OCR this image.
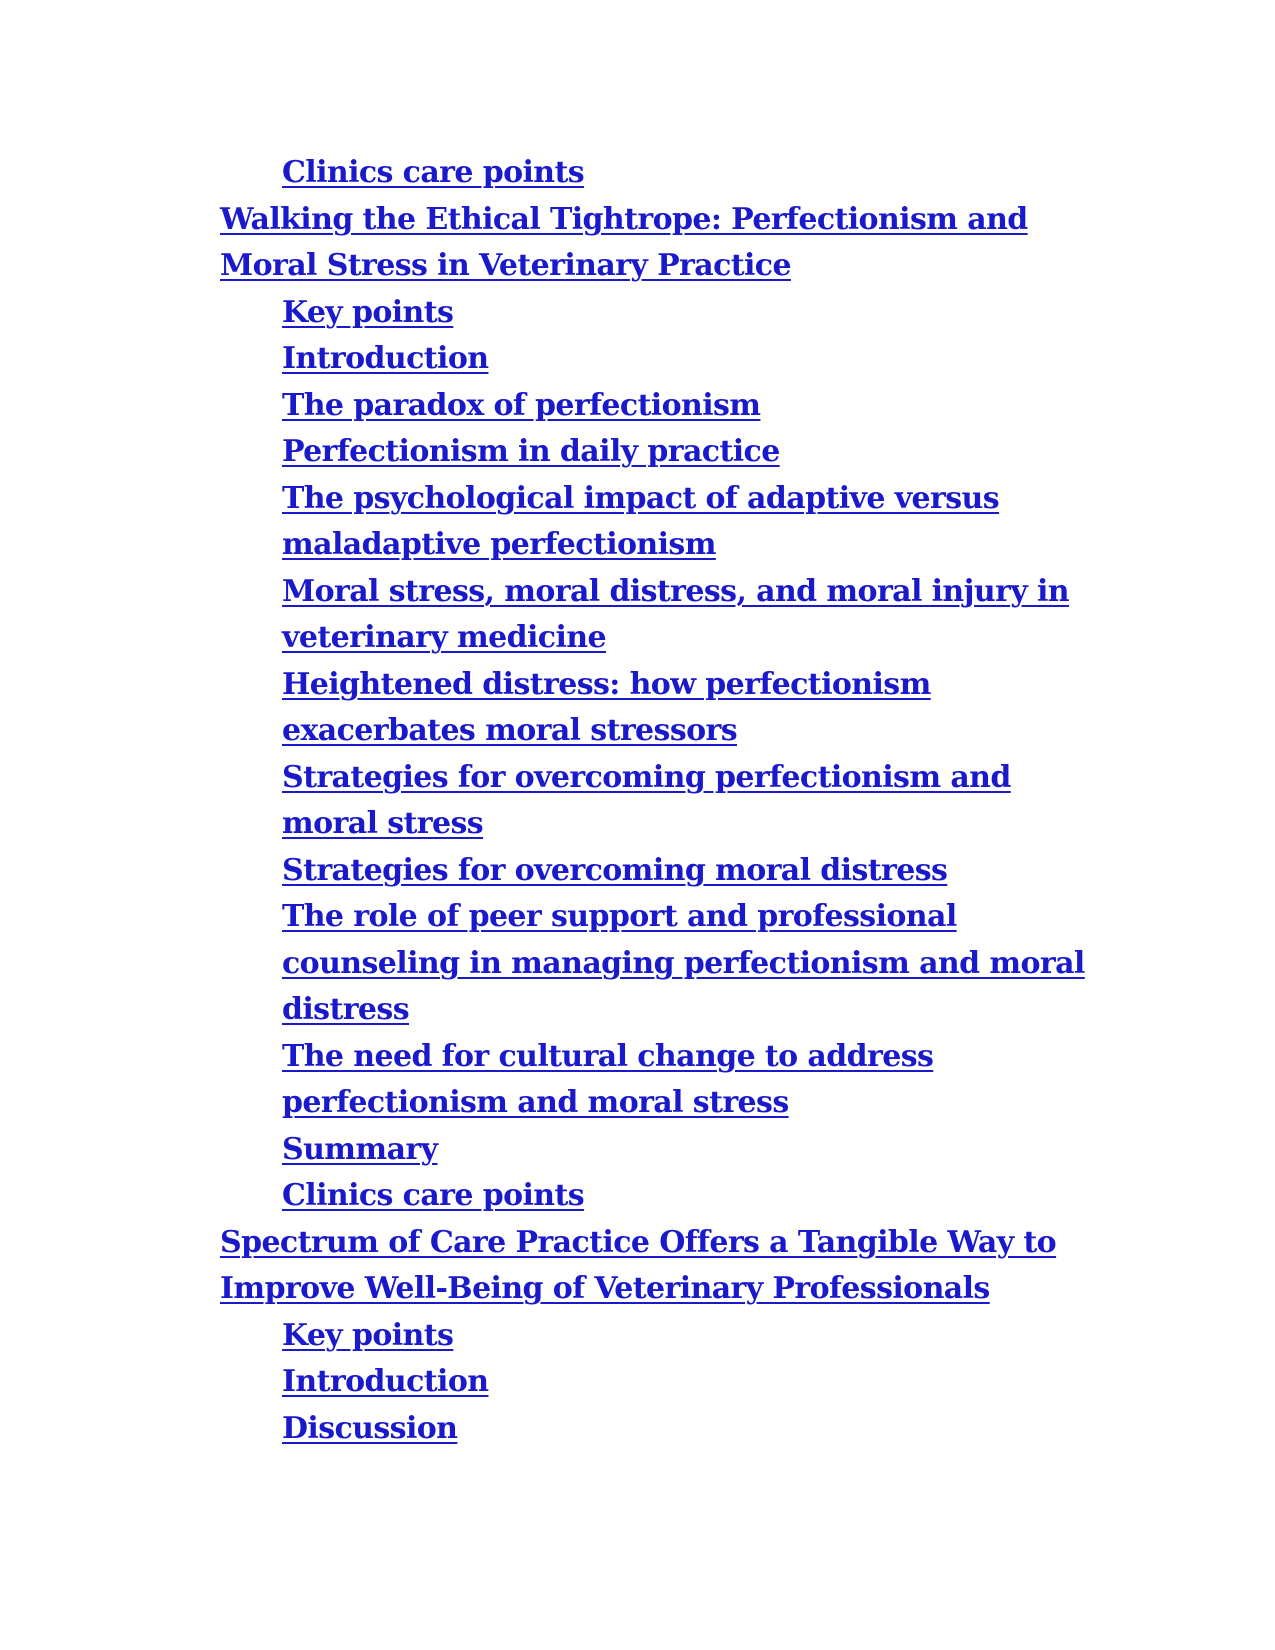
Clinics care points
Walking the Ethical Tightrope: Perfectionism and Moral Stress in Veterinary Practice
Key points
Introduction
The paradox of perfectionism
Perfectionism in daily practice
The psychological impact of adaptive versus maladaptive perfectionism
Moral stress, moral distress, and moral injury in veterinary medicine
Heightened distress: how perfectionism exacerbates moral stressors
Strategies for overcoming perfectionism and moral stress
Strategies for overcoming moral distress
The role of peer support and professional counseling in managing perfectionism and moral distress
The need for cultural change to address perfectionism and moral stress
Summary
Clinics care points
Spectrum of Care Practice Offers a Tangible Way to Improve Well-Being of Veterinary Professionals
Key points
Introduction
Discussion
